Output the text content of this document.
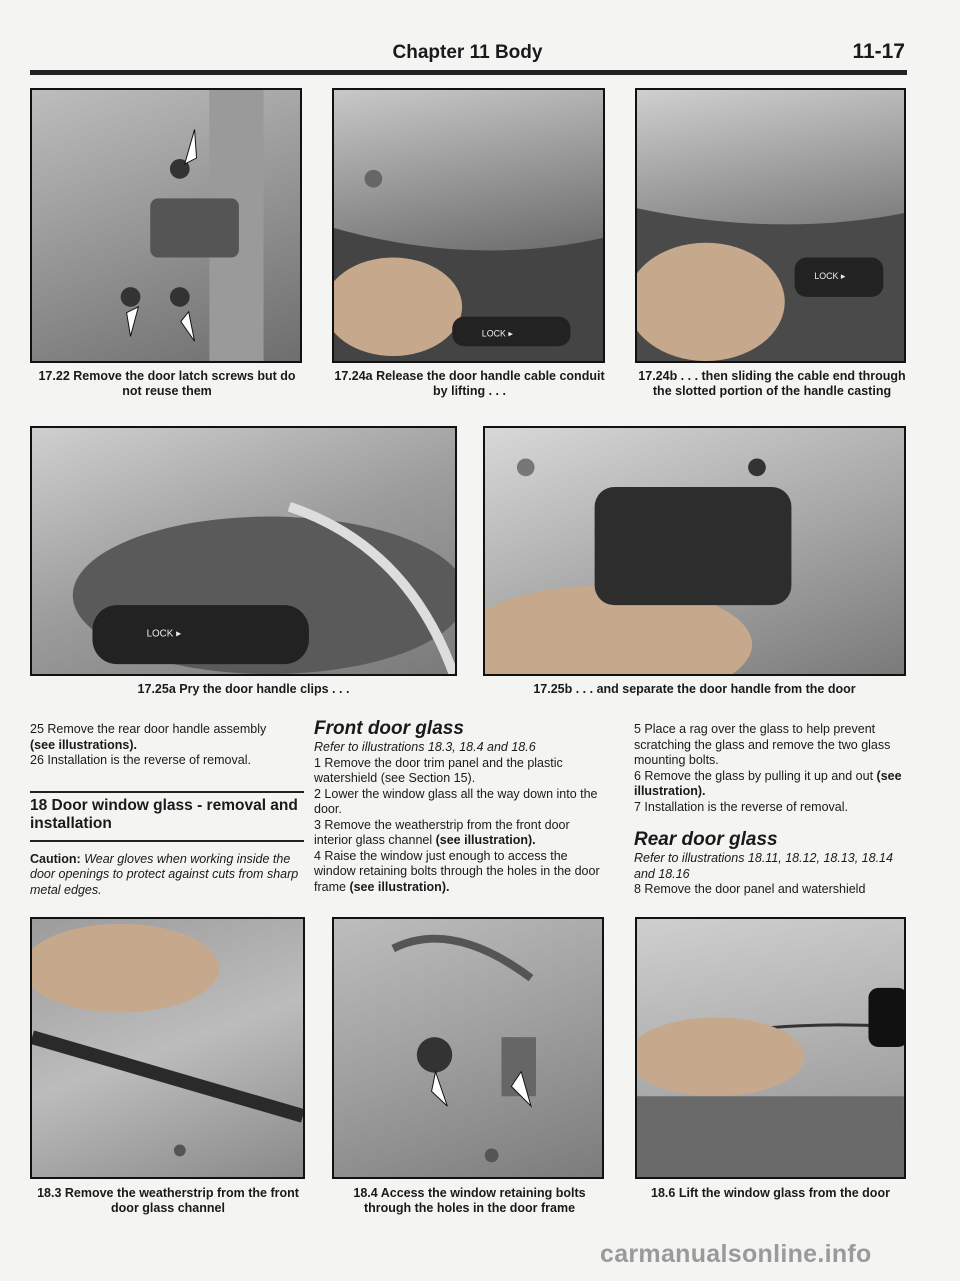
Chapter 11 Body	11-17
LOCK ▸
LOCK ▸
17.22 Remove the door latch screws but do not reuse them
17.24a Release the door handle cable conduit by lifting . . .
17.24b . . . then sliding the cable end through the slotted portion of the handle casting
LOCK ▸
17.25a Pry the door handle clips . . .	17.25b . . . and separate the door handle from the door

25 Remove the rear door handle assembly
(see illustrations).

26 Installation is the reverse of removal.

18 Door window glass - removal and installation

Caution: Wear gloves when working inside the door openings to protect against cuts from sharp metal edges.

Front door glass

Refer to illustrations 18.3, 18.4 and 18.6

1 Remove the door trim panel and the plastic watershield (see Section 15).

2 Lower the window glass all the way down into the door.

3 Remove the weatherstrip from the front door interior glass channel (see illustration).

4 Raise the window just enough to access the window retaining bolts through the holes in the door frame (see illustration).

5 Place a rag over the glass to help prevent scratching the glass and remove the two glass mounting bolts.

6 Remove the glass by pulling it up and out (see illustration).

7 Installation is the reverse of removal.

Rear door glass

Refer to illustrations 18.11, 18.12, 18.13, 18.14 and 18.16

8 Remove the door panel and watershield

18.3 Remove the weatherstrip from the front door glass channel
18.4 Access the window retaining bolts through the holes in the door frame
18.6 Lift the window glass from the door
carmanualsonline.info
